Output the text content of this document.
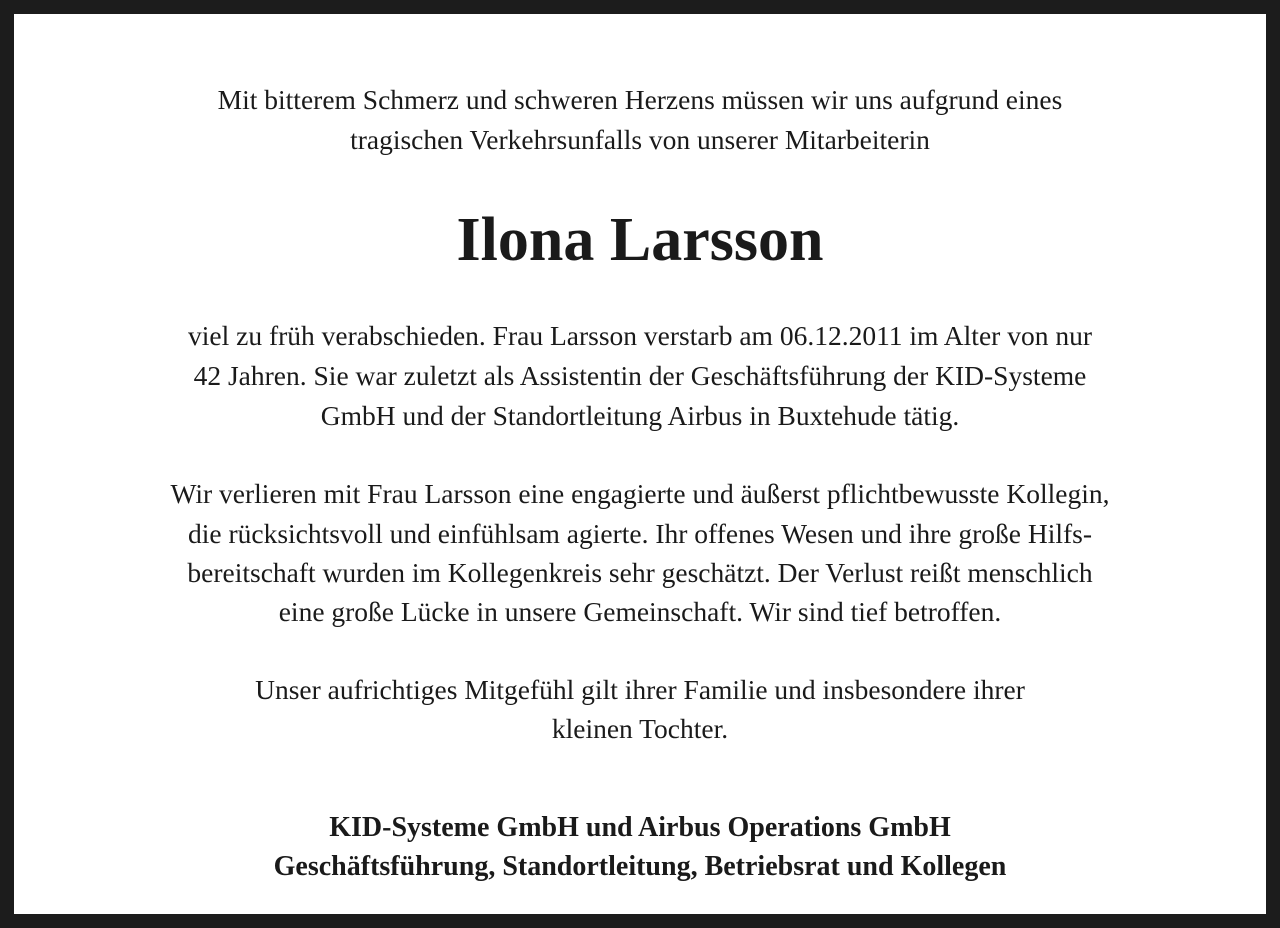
Mit bitterem Schmerz und schweren Herzens müssen wir uns aufgrund eines
tragischen Verkehrsunfalls von unserer Mitarbeiterin
Ilona Larsson
viel zu früh verabschieden. Frau Larsson verstarb am 06.12.2011 im Alter von nur
42 Jahren. Sie war zuletzt als Assistentin der Geschäftsführung der KID-Systeme
GmbH und der Standortleitung Airbus in Buxtehude tätig.
Wir verlieren mit Frau Larsson eine engagierte und äußerst pflichtbewusste Kollegin,
die rücksichtsvoll und einfühlsam agierte. Ihr offenes Wesen und ihre große Hilfs-
bereitschaft wurden im Kollegenkreis sehr geschätzt. Der Verlust reißt menschlich
eine große Lücke in unsere Gemeinschaft. Wir sind tief betroffen.
Unser aufrichtiges Mitgefühl gilt ihrer Familie und insbesondere ihrer
kleinen Tochter.
KID-Systeme GmbH und Airbus Operations GmbH
Geschäftsführung, Standortleitung, Betriebsrat und Kollegen
